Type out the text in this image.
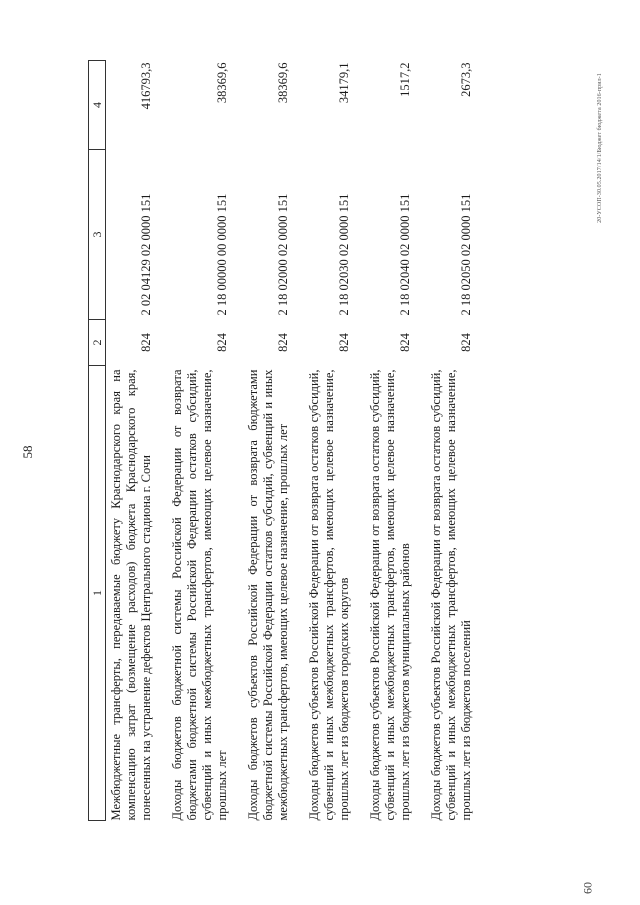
58
60
20-УСОП-30.05.2017/14/1/Бюджет бюджета 2016-прил-1
1	2	3	4
Межбюджетные трансферты, передаваемые бюджету Краснодарского края на компенсацию затрат (возмещение расходов) бюджета Краснодарского края, понесенных на устранение дефектов Центрального стадиона г. Сочи	824	2 02 04129 02 0000 151	416793,3
Доходы бюджетов бюджетной системы Российской Федерации от возврата бюджетами бюджетной системы Российской Федерации остатков субсидий, субвенций и иных межбюджетных трансфертов, имеющих целевое назначение, прошлых лет	824	2 18 00000 00 0000 151	38369,6
Доходы бюджетов субъектов Российской Федерации от возврата бюджетами бюджетной системы Российской Федерации остатков субсидий, субвенций и иных межбюджетных трансфертов, имеющих целевое назначение, прошлых лет	824	2 18 02000 02 0000 151	38369,6
Доходы бюджетов субъектов Российской Федерации от возврата остатков субсидий, субвенций и иных межбюджетных трансфертов, имеющих целевое назначение, прошлых лет из бюджетов городских округов	824	2 18 02030 02 0000 151	34179,1
Доходы бюджетов субъектов Российской Федерации от возврата остатков субсидий, субвенций и иных межбюджетных трансфертов, имеющих целевое назначение, прошлых лет из бюджетов муниципальных районов	824	2 18 02040 02 0000 151	1517,2
Доходы бюджетов субъектов Российской Федерации от возврата остатков субсидий, субвенций и иных межбюджетных трансфертов, имеющих целевое назначение, прошлых лет из бюджетов поселений	824	2 18 02050 02 0000 151	2673,3
